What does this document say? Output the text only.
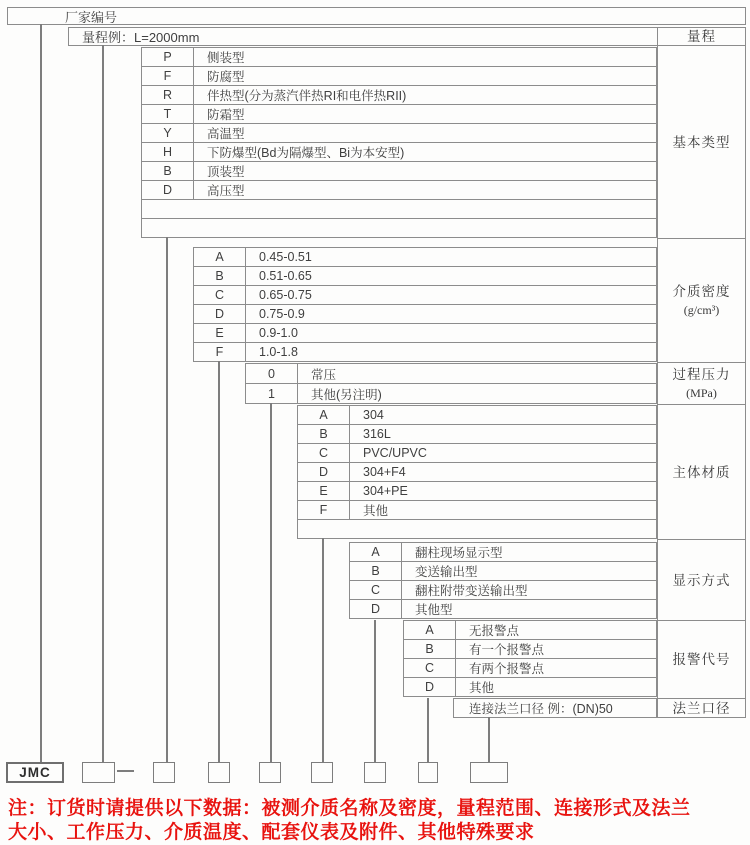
厂家编号
量程例：L=2000mm	量程
基本类型
介质密度
(g/cm³)
过程压力
(MPa)
主体材质
显示方式
报警代号
法兰口径
P	侧装型
F	防腐型
R	伴热型(分为蒸汽伴热RI和电伴热RII)
T	防霜型
Y	高温型
H	下防爆型(Bd为隔爆型、Bi为本安型)
B	顶装型
D	高压型
A	0.45-0.51
B	0.51-0.65
C	0.65-0.75
D	0.75-0.9
E	0.9-1.0
F	1.0-1.8
0	常压
1	其他(另注明)
A	304
B	316L
C	PVC/UPVC
D	304+F4
E	304+PE
F	其他
A	翻柱现场显示型
B	变送输出型
C	翻柱附带变送输出型
D	其他型
A	无报警点
B	有一个报警点
C	有两个报警点
D	其他
连接法兰口径 例：(DN)50
JMC
注：订货时请提供以下数据：被测介质名称及密度，量程范围、连接形式及法兰
大小、工作压力、介质温度、配套仪表及附件、其他特殊要求
